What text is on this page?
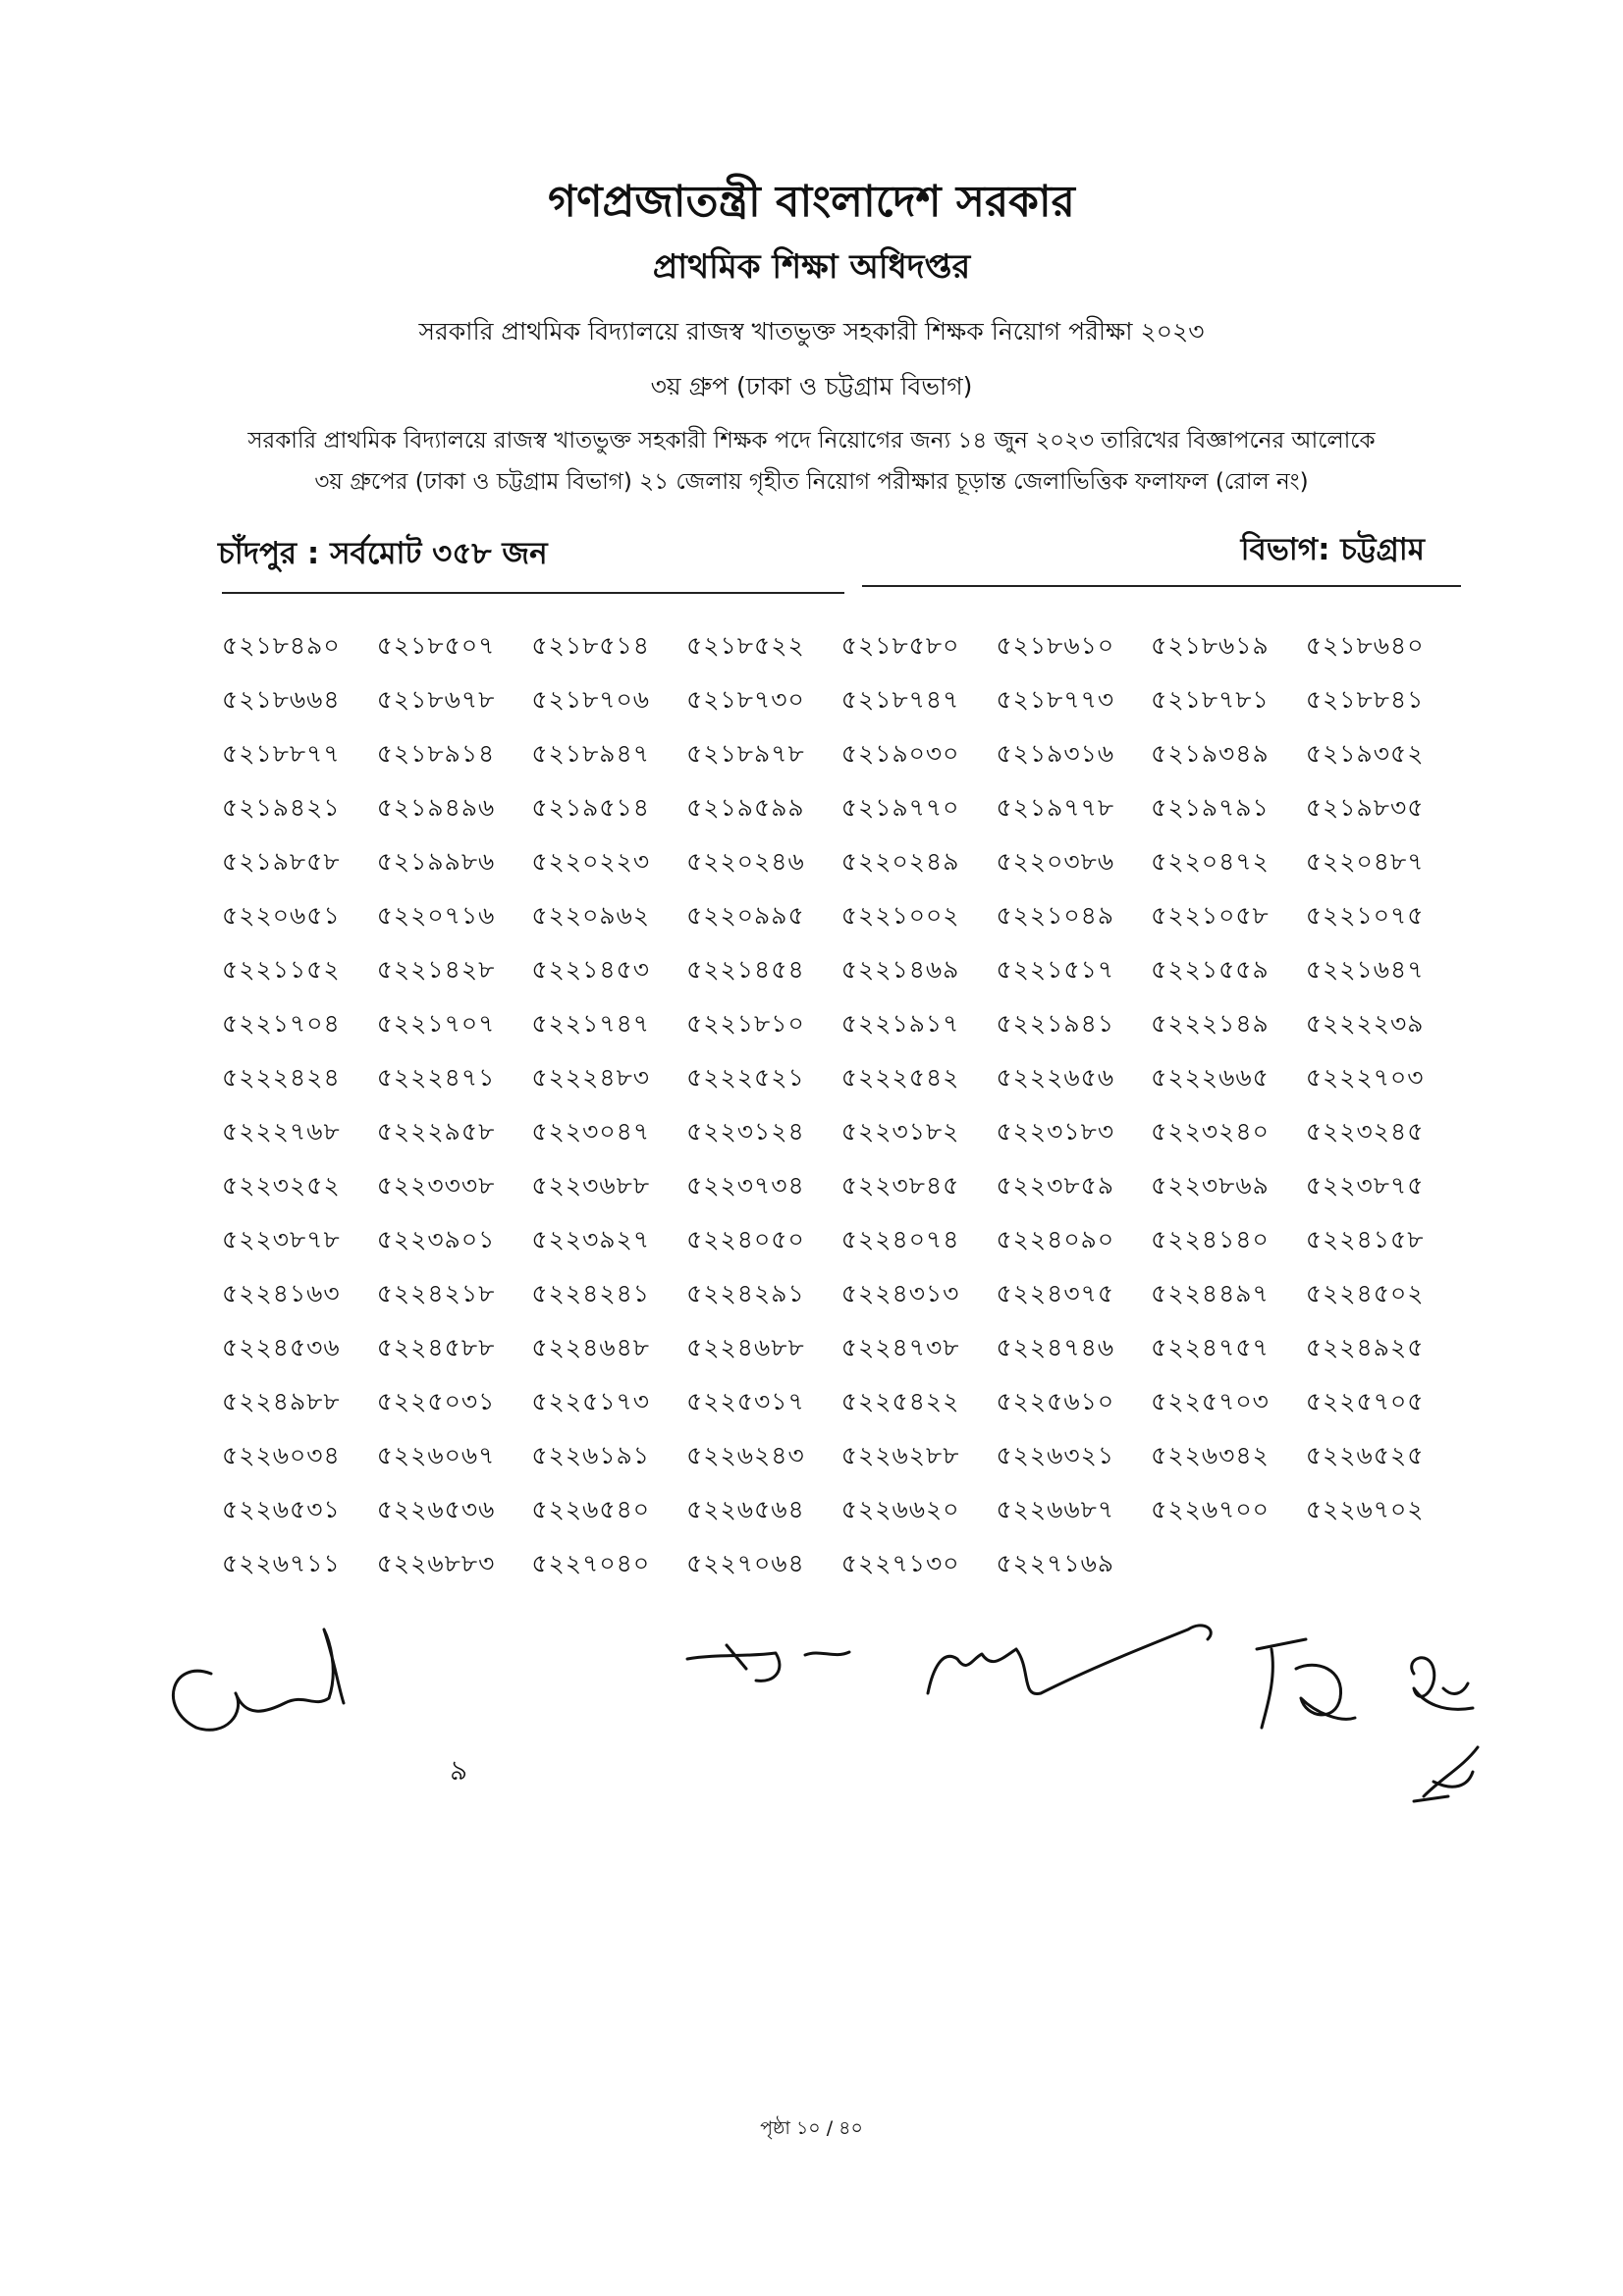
গণপ্রজাতন্ত্রী বাংলাদেশ সরকার
প্রাথমিক শিক্ষা অধিদপ্তর
সরকারি প্রাথমিক বিদ্যালয়ে রাজস্ব খাতভুক্ত সহকারী শিক্ষক নিয়োগ পরীক্ষা ২০২৩
৩য় গ্রুপ (ঢাকা ও চট্টগ্রাম বিভাগ)
সরকারি প্রাথমিক বিদ্যালয়ে রাজস্ব খাতভুক্ত সহকারী শিক্ষক পদে নিয়োগের জন্য ১৪ জুন ২০২৩ তারিখের বিজ্ঞাপনের আলোকে
৩য় গ্রুপের (ঢাকা ও চট্টগ্রাম বিভাগ) ২১ জেলায় গৃহীত নিয়োগ পরীক্ষার চূড়ান্ত জেলাভিত্তিক ফলাফল (রোল নং)
চাঁদপুর : সর্বমোট ৩৫৮ জন	বিভাগ: চট্টগ্রাম
৫২১৮৪৯০	৫২১৮৫০৭	৫২১৮৫১৪	৫২১৮৫২২	৫২১৮৫৮০	৫২১৮৬১০	৫২১৮৬১৯	৫২১৮৬৪০
৫২১৮৬৬৪	৫২১৮৬৭৮	৫২১৮৭০৬	৫২১৮৭৩০	৫২১৮৭৪৭	৫২১৮৭৭৩	৫২১৮৭৮১	৫২১৮৮৪১
৫২১৮৮৭৭	৫২১৮৯১৪	৫২১৮৯৪৭	৫২১৮৯৭৮	৫২১৯০৩০	৫২১৯৩১৬	৫২১৯৩৪৯	৫২১৯৩৫২
৫২১৯৪২১	৫২১৯৪৯৬	৫২১৯৫১৪	৫২১৯৫৯৯	৫২১৯৭৭০	৫২১৯৭৭৮	৫২১৯৭৯১	৫২১৯৮৩৫
৫২১৯৮৫৮	৫২১৯৯৮৬	৫২২০২২৩	৫২২০২৪৬	৫২২০২৪৯	৫২২০৩৮৬	৫২২০৪৭২	৫২২০৪৮৭
৫২২০৬৫১	৫২২০৭১৬	৫২২০৯৬২	৫২২০৯৯৫	৫২২১০০২	৫২২১০৪৯	৫২২১০৫৮	৫২২১০৭৫
৫২২১১৫২	৫২২১৪২৮	৫২২১৪৫৩	৫২২১৪৫৪	৫২২১৪৬৯	৫২২১৫১৭	৫২২১৫৫৯	৫২২১৬৪৭
৫২২১৭০৪	৫২২১৭০৭	৫২২১৭৪৭	৫২২১৮১০	৫২২১৯১৭	৫২২১৯৪১	৫২২২১৪৯	৫২২২২৩৯
৫২২২৪২৪	৫২২২৪৭১	৫২২২৪৮৩	৫২২২৫২১	৫২২২৫৪২	৫২২২৬৫৬	৫২২২৬৬৫	৫২২২৭০৩
৫২২২৭৬৮	৫২২২৯৫৮	৫২২৩০৪৭	৫২২৩১২৪	৫২২৩১৮২	৫২২৩১৮৩	৫২২৩২৪০	৫২২৩২৪৫
৫২২৩২৫২	৫২২৩৩৩৮	৫২২৩৬৮৮	৫২২৩৭৩৪	৫২২৩৮৪৫	৫২২৩৮৫৯	৫২২৩৮৬৯	৫২২৩৮৭৫
৫২২৩৮৭৮	৫২২৩৯০১	৫২২৩৯২৭	৫২২৪০৫০	৫২২৪০৭৪	৫২২৪০৯০	৫২২৪১৪০	৫২২৪১৫৮
৫২২৪১৬৩	৫২২৪২১৮	৫২২৪২৪১	৫২২৪২৯১	৫২২৪৩১৩	৫২২৪৩৭৫	৫২২৪৪৯৭	৫২২৪৫০২
৫২২৪৫৩৬	৫২২৪৫৮৮	৫২২৪৬৪৮	৫২২৪৬৮৮	৫২২৪৭৩৮	৫২২৪৭৪৬	৫২২৪৭৫৭	৫২২৪৯২৫
৫২২৪৯৮৮	৫২২৫০৩১	৫২২৫১৭৩	৫২২৫৩১৭	৫২২৫৪২২	৫২২৫৬১০	৫২২৫৭০৩	৫২২৫৭০৫
৫২২৬০৩৪	৫২২৬০৬৭	৫২২৬১৯১	৫২২৬২৪৩	৫২২৬২৮৮	৫২২৬৩২১	৫২২৬৩৪২	৫২২৬৫২৫
৫২২৬৫৩১	৫২২৬৫৩৬	৫২২৬৫৪০	৫২২৬৫৬৪	৫২২৬৬২০	৫২২৬৬৮৭	৫২২৬৭০০	৫২২৬৭০২
৫২২৬৭১১	৫২২৬৮৮৩	৫২২৭০৪০	৫২২৭০৬৪	৫২২৭১৩০	৫২২৭১৬৯
৯
পৃষ্ঠা ১০ / ৪০
